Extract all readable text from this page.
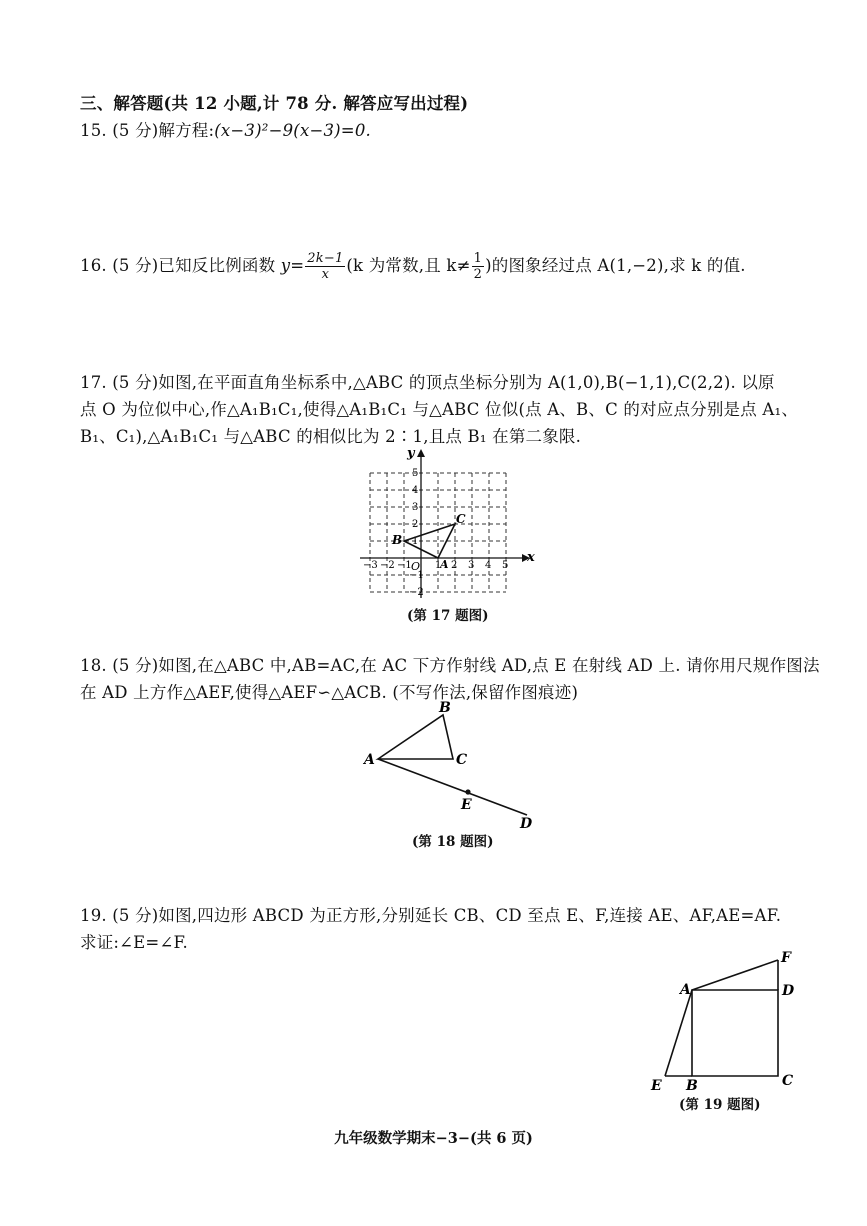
三、解答题(共 12 小题,计 78 分. 解答应写出过程)
15. (5 分)解方程:(x−3)²−9(x−3)=0.
16. (5 分)已知反比例函数 $y= \frac{2k-1}{x} (k$ 为常数,且 $k\ne \frac{1}{2}$ )的图象经过点 A(1,−2),求 k 的值.
17. (5 分)如图,在平面直角坐标系中,△ABC 的顶点坐标分别为 A(1,0),B(−1,1),C(2,2). 以原
点 O 为位似中心,作△A₁B₁C₁,使得△A₁B₁C₁ 与△ABC 位似(点 A、B、C 的对应点分别是点 A₁、
B₁、C₁),△A₁B₁C₁ 与△ABC 的相似比为 2∶1,且点 B₁ 在第二象限.
x
y
O
−3 −2 −1 1 2 3 4 5
5
4
3
2
1
−1
−2
A
B
C
(第 17 题图)
18. (5 分)如图,在△ABC 中,AB=AC,在 AC 下方作射线 AD,点 E 在射线 AD 上. 请你用尺规作图法
在 AD 上方作△AEF,使得△AEF∽△ACB. (不写作法,保留作图痕迹)
A
B
C
E
D
(第 18 题图)
19. (5 分)如图,四边形 ABCD 为正方形,分别延长 CB、CD 至点 E、F,连接 AE、AF,AE=AF.
求证:∠E=∠F.
A	D
F
C
B
E
(第 19 题图)
九年级数学期末−3−(共 6 页)
